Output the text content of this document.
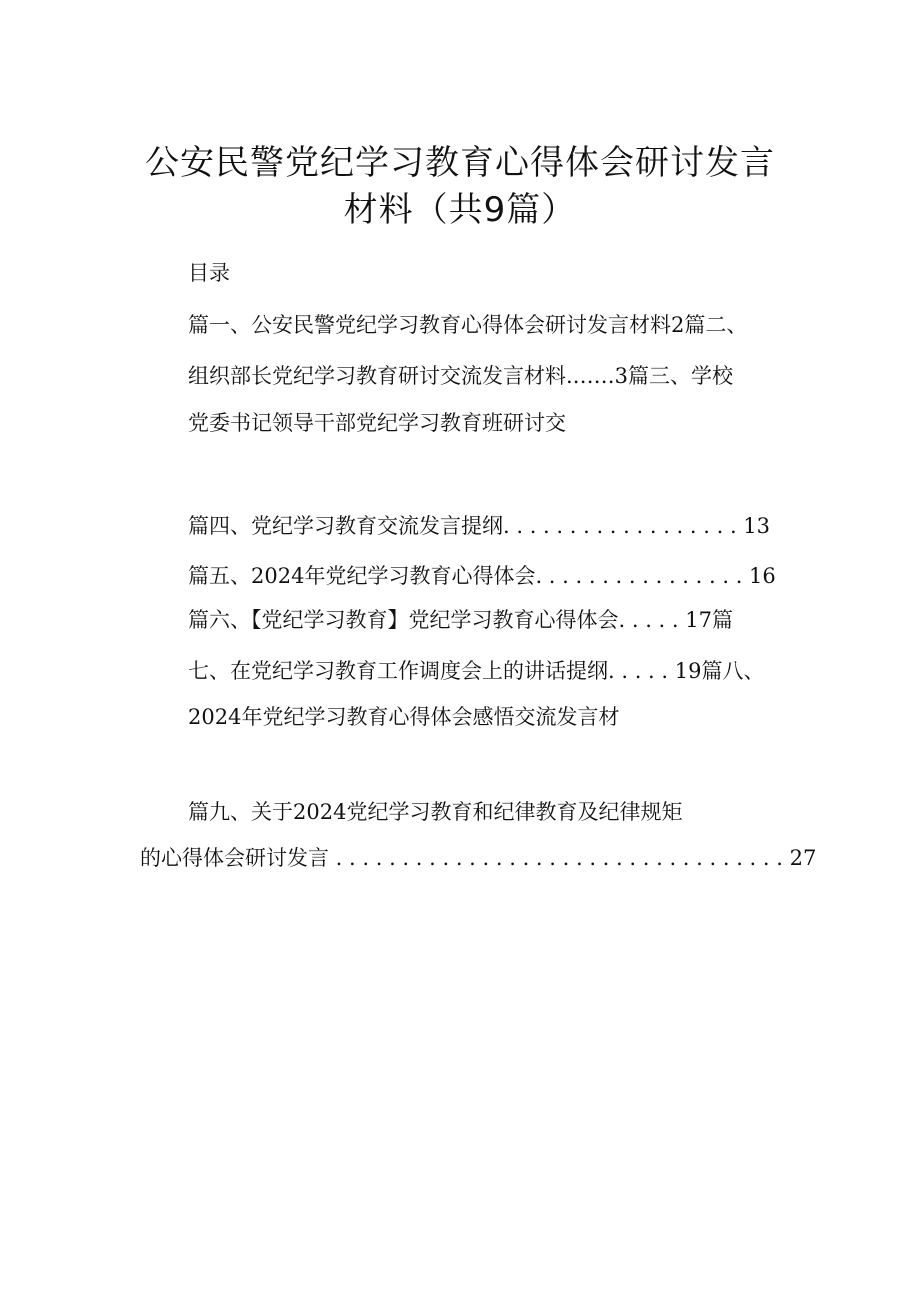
公安民警党纪学习教育心得体会研讨发言
材料（共9篇）
目录
篇一、公安民警党纪学习教育心得体会研讨发言材料2篇二、
组织部长党纪学习教育研讨交流发言材料.……3篇三、学校
党委书记领导干部党纪学习教育班研讨交
篇四、党纪学习教育交流发言提纲. . . . . . . . . . . . . . . . . . 13
篇五、2024年党纪学习教育心得体会. . . . . . . . . . . . . . . . 16
篇六、【党纪学习教育】党纪学习教育心得体会. . . . . 17篇
七、在党纪学习教育工作调度会上的讲话提纲. . . . . 19篇八、
2024年党纪学习教育心得体会感悟交流发言材
篇九、关于2024党纪学习教育和纪律教育及纪律规矩
的心得体会研讨发言 . . . . . . . . . . . . . . . . . . . . . . . . . . . . . . . . . . 27
